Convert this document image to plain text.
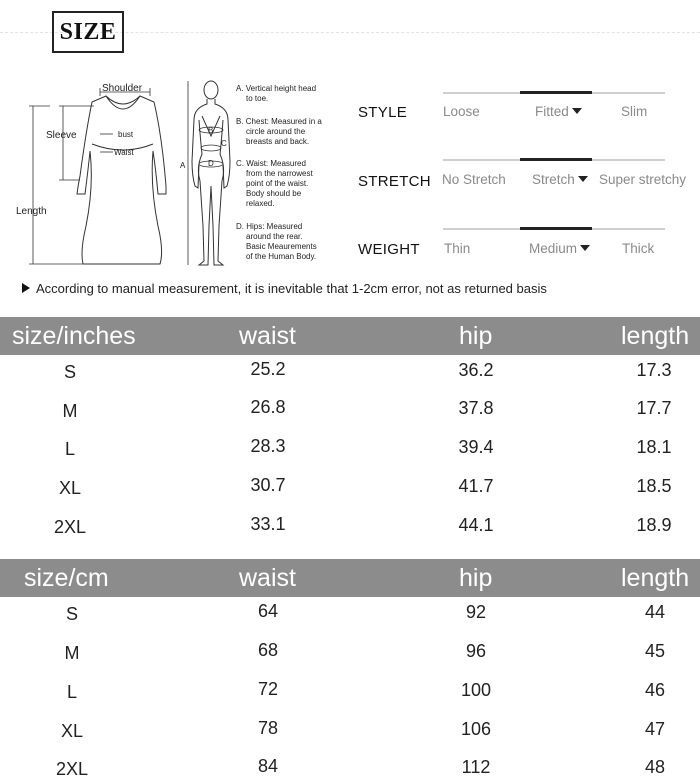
SIZE
Shoulder
Sleeve	bust
Waist
Length
A
B
C
D
A. Vertical height head
to toe.
B. Chest: Measured in a
circle around the
breasts and back.
C. Waist: Measured
from the narrowest
point of the waist.
Body should be
relaxed.
D. Hips: Measured
around the rear.
Basic Meaurements
of the Human Body.
STYLE	Loose	Fitted	Slim
STRETCH No Stretch Stretch	Super stretchy
WEIGHT Thin	Medium	Thick
According to manual measurement, it is inevitable that 1-2cm error, not as returned basis
size/inches	waist	hip	length
S	25.2	36.2	17.3
M	26.8	37.8	17.7
L	28.3	39.4	18.1
XL	30.7	41.7	18.5
2XL	33.1	44.1	18.9
size/cm	waist	hip	length
S	64	92	44
M	68	96	45
L	72	100	46
XL	78	106	47
2XL	84	112	48
